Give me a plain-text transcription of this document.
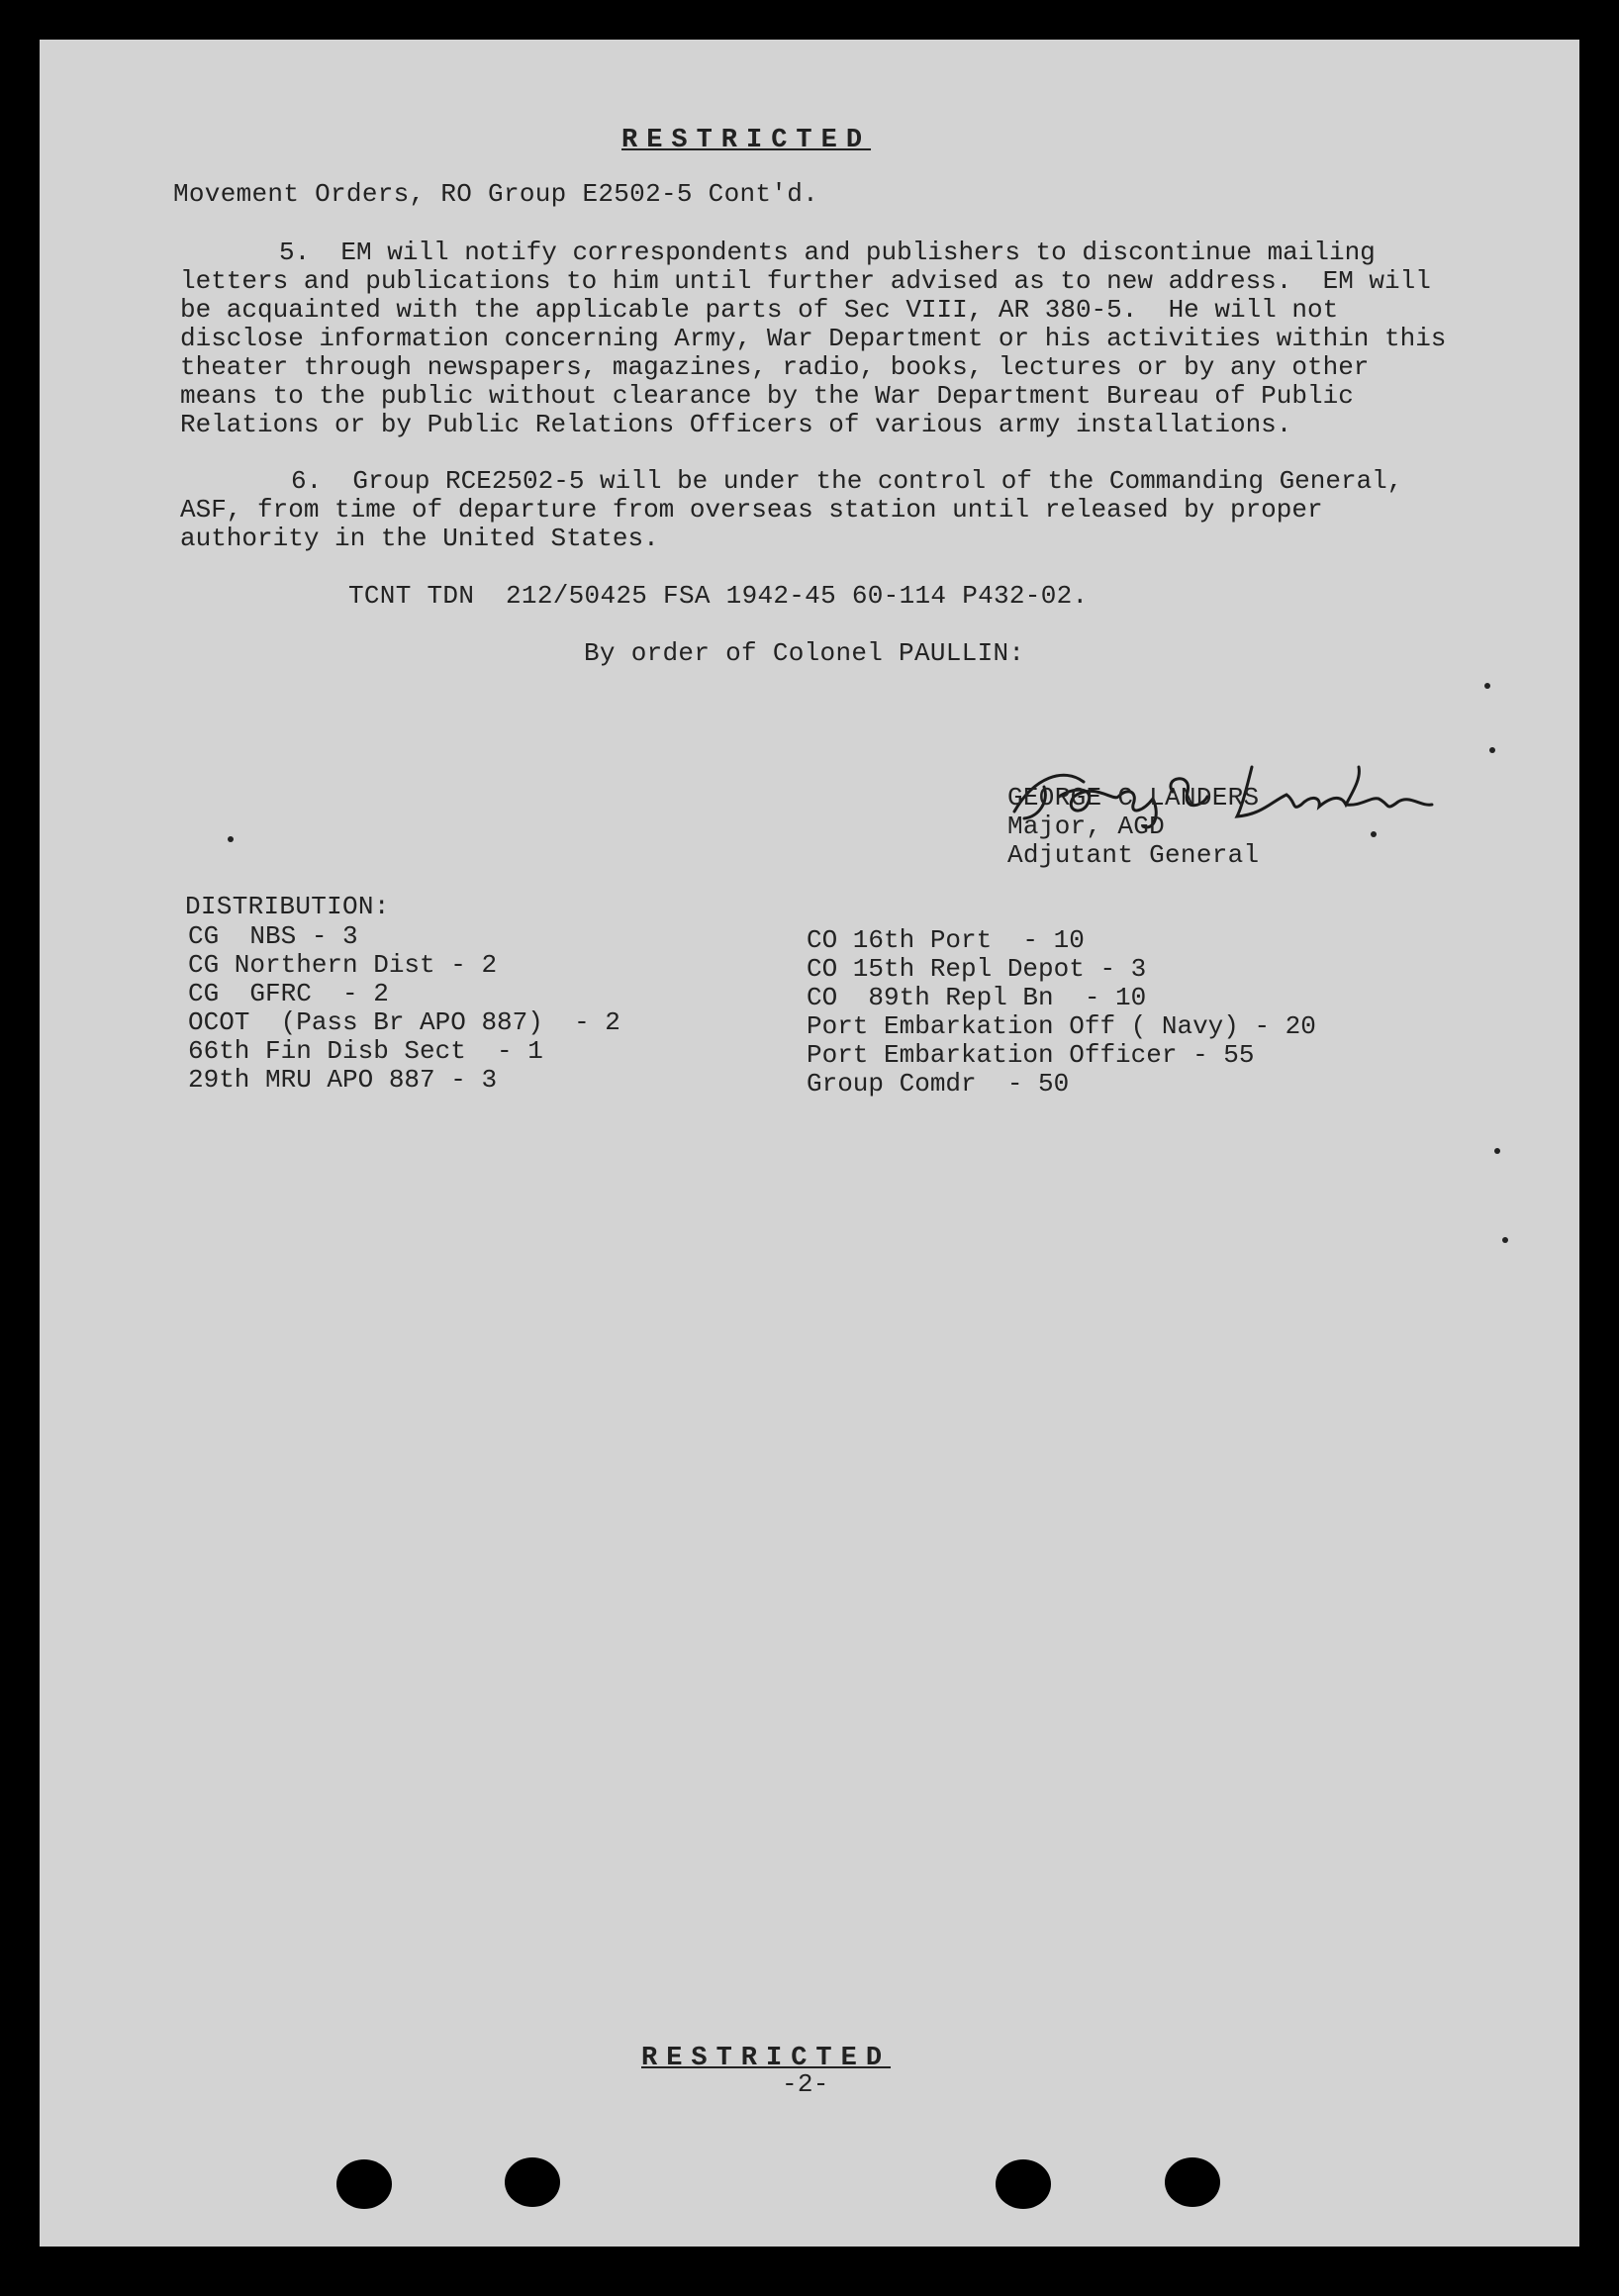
RESTRICTED
Movement Orders, RO Group E2502-5 Cont'd.
5.  EM will notify correspondents and publishers to discontinue mailing
letters and publications to him until further advised as to new address.  EM will
be acquainted with the applicable parts of Sec VIII, AR 380-5.  He will not
disclose information concerning Army, War Department or his activities within this
theater through newspapers, magazines, radio, books, lectures or by any other
means to the public without clearance by the War Department Bureau of Public
Relations or by Public Relations Officers of various army installations.
6.  Group RCE2502-5 will be under the control of the Commanding General,
ASF, from time of departure from overseas station until released by proper
authority in the United States.
TCNT TDN  212/50425 FSA 1942-45 60-114 P432-02.
By order of Colonel PAULLIN:
GEORGE C LANDERS
Major, AGD
Adjutant General
DISTRIBUTION:
CG  NBS - 3
CG Northern Dist - 2
CG  GFRC  - 2
OCOT  (Pass Br APO 887)  - 2
66th Fin Disb Sect  - 1
29th MRU APO 887 - 3
CO 16th Port  - 10
CO 15th Repl Depot - 3
CO  89th Repl Bn  - 10
Port Embarkation Off ( Navy) - 20
Port Embarkation Officer - 55
Group Comdr  - 50
RESTRICTED
-2-
